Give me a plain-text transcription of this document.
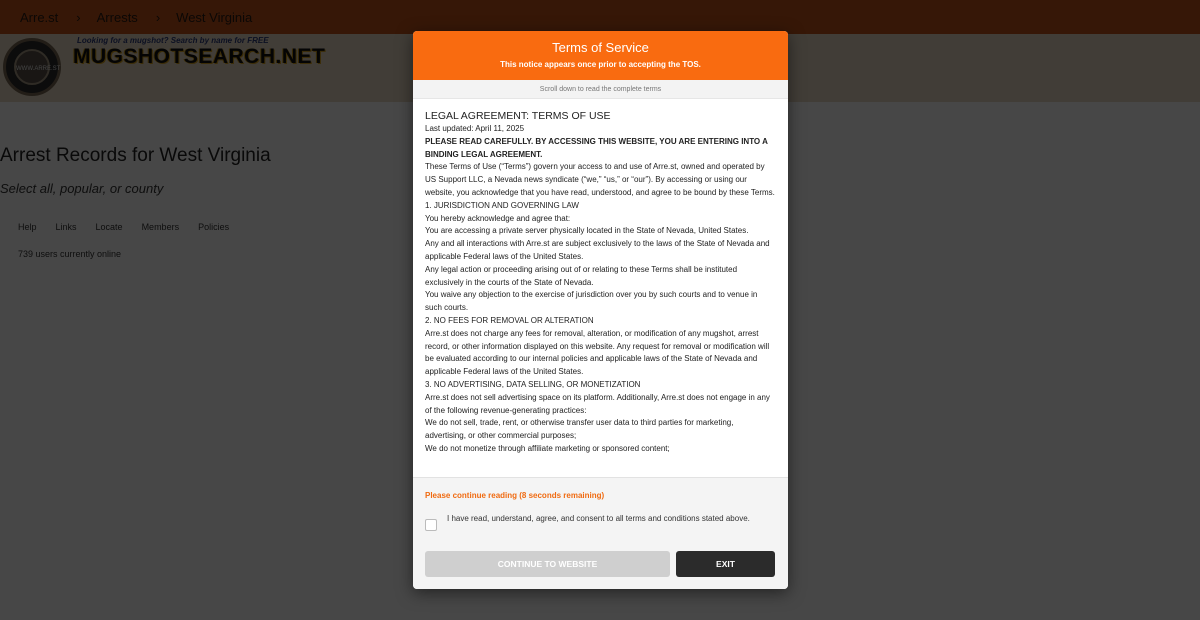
Terms of Service
This notice appears once prior to accepting the TOS.
Scroll down to read the complete terms
LEGAL AGREEMENT: TERMS OF USE
Last updated: April 11, 2025
PLEASE READ CAREFULLY. BY ACCESSING THIS WEBSITE, YOU ARE ENTERING INTO A BINDING LEGAL AGREEMENT.
These Terms of Use (“Terms”) govern your access to and use of Arre.st, owned and operated by US Support LLC, a Nevada news syndicate (“we,” “us,” or “our”). By accessing or using our website, you acknowledge that you have read, understood, and agree to be bound by these Terms.
1. JURISDICTION AND GOVERNING LAW
You hereby acknowledge and agree that:
You are accessing a private server physically located in the State of Nevada, United States.
Any and all interactions with Arre.st are subject exclusively to the laws of the State of Nevada and applicable Federal laws of the United States.
Any legal action or proceeding arising out of or relating to these Terms shall be instituted exclusively in the courts of the State of Nevada.
You waive any objection to the exercise of jurisdiction over you by such courts and to venue in such courts.
2. NO FEES FOR REMOVAL OR ALTERATION
Arre.st does not charge any fees for removal, alteration, or modification of any mugshot, arrest record, or other information displayed on this website. Any request for removal or modification will be evaluated according to our internal policies and applicable laws of the State of Nevada and applicable Federal laws of the United States.
3. NO ADVERTISING, DATA SELLING, OR MONETIZATION
Arre.st does not sell advertising space on its platform. Additionally, Arre.st does not engage in any of the following revenue-generating practices:
We do not sell, trade, rent, or otherwise transfer user data to third parties for marketing, advertising, or other commercial purposes;
We do not monetize through affiliate marketing or sponsored content;
Please continue reading (8 seconds remaining)
I have read, understand, agree, and consent to all terms and conditions stated above.
CONTINUE TO WEBSITE	EXIT
